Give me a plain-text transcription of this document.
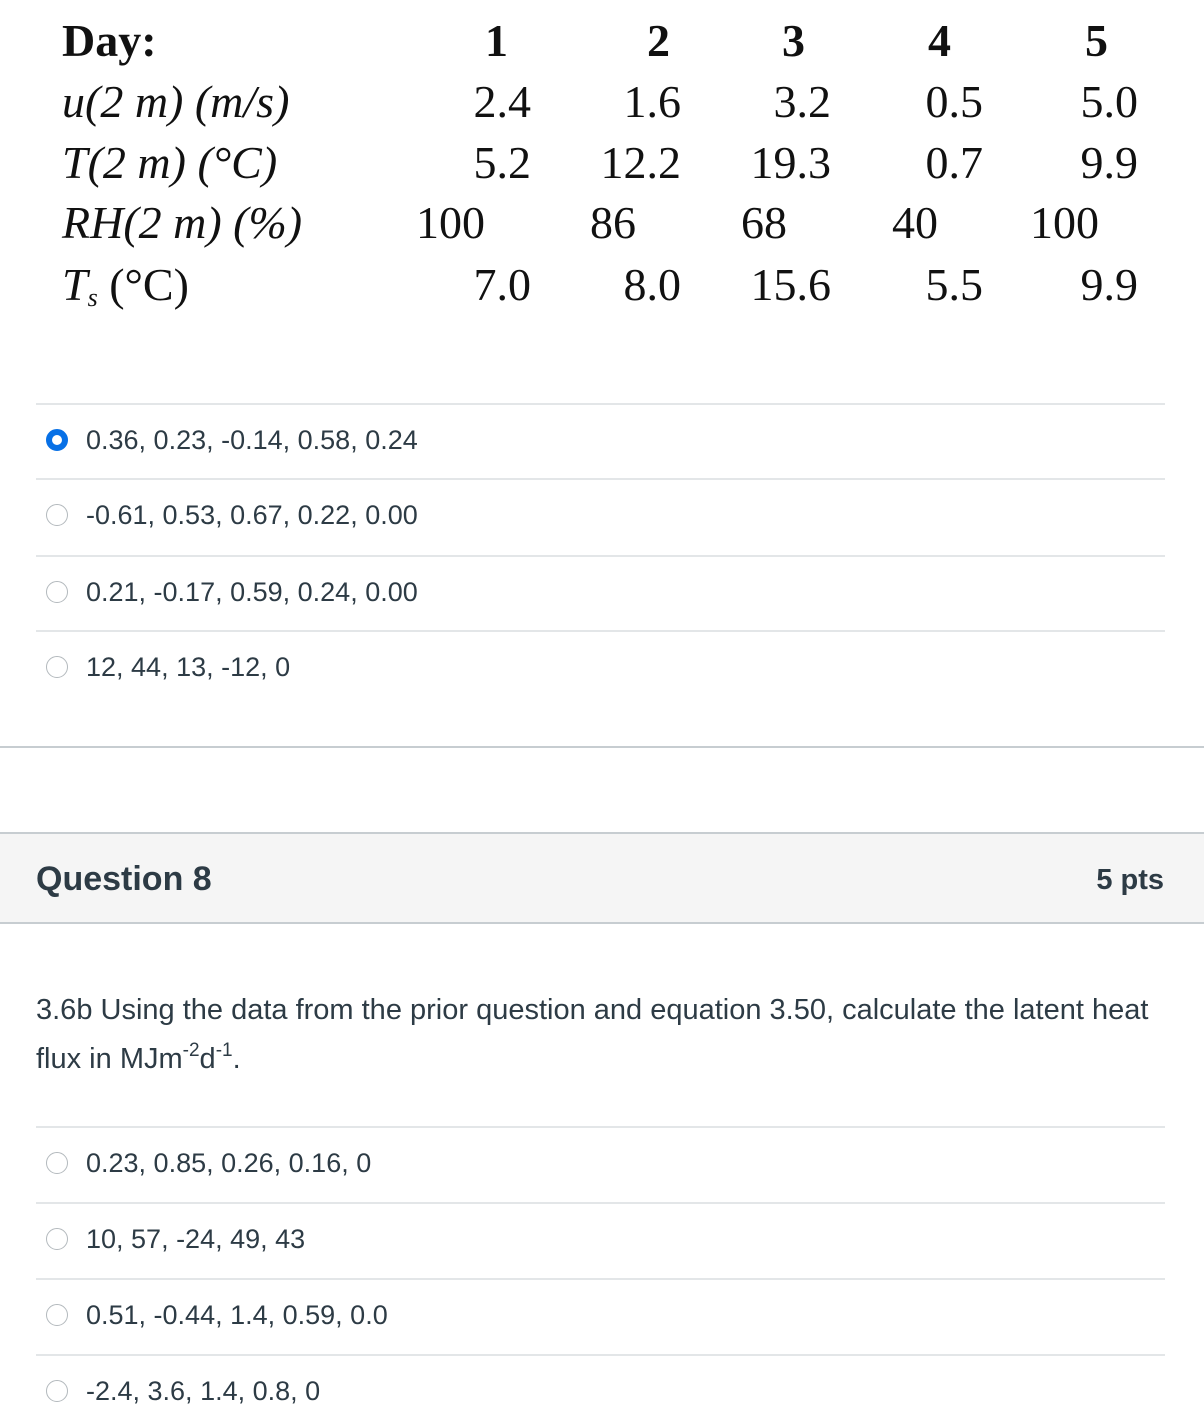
Day:	1	2 3	4	5
u(2 m) (m/s)	2.4 1.6 3.2 0.5 5.0
T(2 m) (°C)	5.2 12.2 19.3 0.7 9.9
RH(2 m) (%) 100 86 68 40 100
$T_s$ (°C)	7.0 8.0 15.6 5.5 9.9
0.36, 0.23, -0.14, 0.58, 0.24
-0.61, 0.53, 0.67, 0.22, 0.00
0.21, -0.17, 0.59, 0.24, 0.00
12, 44, 13, -12, 0
Question 8	5 pts
3.6b Using the data from the prior question and equation 3.50, calculate the latent heat flux in $MJm^{-2}d^{-1}$.
0.23, 0.85, 0.26, 0.16, 0
10, 57, -24, 49, 43
0.51, -0.44, 1.4, 0.59, 0.0
-2.4, 3.6, 1.4, 0.8, 0
